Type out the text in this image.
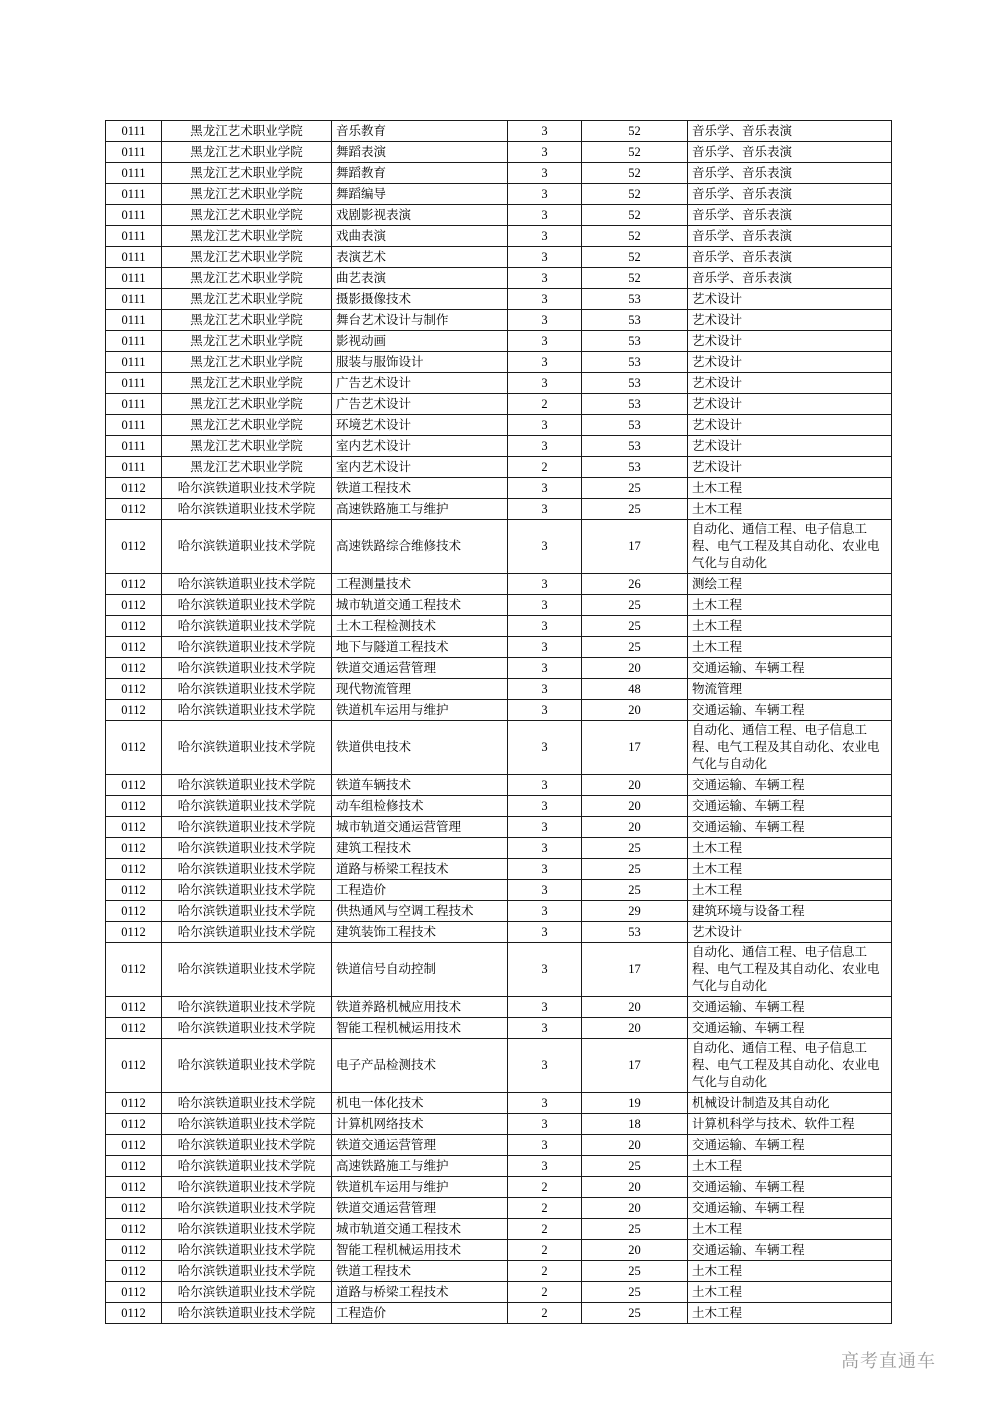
0111	黑龙江艺术职业学院	音乐教育	3	52	音乐学、音乐表演
0111	黑龙江艺术职业学院	舞蹈表演	3	52	音乐学、音乐表演
0111	黑龙江艺术职业学院	舞蹈教育	3	52	音乐学、音乐表演
0111	黑龙江艺术职业学院	舞蹈编导	3	52	音乐学、音乐表演
0111	黑龙江艺术职业学院	戏剧影视表演	3	52	音乐学、音乐表演
0111	黑龙江艺术职业学院	戏曲表演	3	52	音乐学、音乐表演
0111	黑龙江艺术职业学院	表演艺术	3	52	音乐学、音乐表演
0111	黑龙江艺术职业学院	曲艺表演	3	52	音乐学、音乐表演
0111	黑龙江艺术职业学院	摄影摄像技术	3	53	艺术设计
0111	黑龙江艺术职业学院	舞台艺术设计与制作	3	53	艺术设计
0111	黑龙江艺术职业学院	影视动画	3	53	艺术设计
0111	黑龙江艺术职业学院	服装与服饰设计	3	53	艺术设计
0111	黑龙江艺术职业学院	广告艺术设计	3	53	艺术设计
0111	黑龙江艺术职业学院	广告艺术设计	2	53	艺术设计
0111	黑龙江艺术职业学院	环境艺术设计	3	53	艺术设计
0111	黑龙江艺术职业学院	室内艺术设计	3	53	艺术设计
0111	黑龙江艺术职业学院	室内艺术设计	2	53	艺术设计
0112	哈尔滨铁道职业技术学院	铁道工程技术	3	25	土木工程
0112	哈尔滨铁道职业技术学院	高速铁路施工与维护	3	25	土木工程
0112	哈尔滨铁道职业技术学院	高速铁路综合维修技术	3	17	自动化、通信工程、电子信息工程、电气工程及其自动化、农业电气化与自动化
0112	哈尔滨铁道职业技术学院	工程测量技术	3	26	测绘工程
0112	哈尔滨铁道职业技术学院	城市轨道交通工程技术	3	25	土木工程
0112	哈尔滨铁道职业技术学院	土木工程检测技术	3	25	土木工程
0112	哈尔滨铁道职业技术学院	地下与隧道工程技术	3	25	土木工程
0112	哈尔滨铁道职业技术学院	铁道交通运营管理	3	20	交通运输、车辆工程
0112	哈尔滨铁道职业技术学院	现代物流管理	3	48	物流管理
0112	哈尔滨铁道职业技术学院	铁道机车运用与维护	3	20	交通运输、车辆工程
0112	哈尔滨铁道职业技术学院	铁道供电技术	3	17	自动化、通信工程、电子信息工程、电气工程及其自动化、农业电气化与自动化
0112	哈尔滨铁道职业技术学院	铁道车辆技术	3	20	交通运输、车辆工程
0112	哈尔滨铁道职业技术学院	动车组检修技术	3	20	交通运输、车辆工程
0112	哈尔滨铁道职业技术学院	城市轨道交通运营管理	3	20	交通运输、车辆工程
0112	哈尔滨铁道职业技术学院	建筑工程技术	3	25	土木工程
0112	哈尔滨铁道职业技术学院	道路与桥梁工程技术	3	25	土木工程
0112	哈尔滨铁道职业技术学院	工程造价	3	25	土木工程
0112	哈尔滨铁道职业技术学院	供热通风与空调工程技术	3	29	建筑环境与设备工程
0112	哈尔滨铁道职业技术学院	建筑装饰工程技术	3	53	艺术设计
0112	哈尔滨铁道职业技术学院	铁道信号自动控制	3	17	自动化、通信工程、电子信息工程、电气工程及其自动化、农业电气化与自动化
0112	哈尔滨铁道职业技术学院	铁道养路机械应用技术	3	20	交通运输、车辆工程
0112	哈尔滨铁道职业技术学院	智能工程机械运用技术	3	20	交通运输、车辆工程
0112	哈尔滨铁道职业技术学院	电子产品检测技术	3	17	自动化、通信工程、电子信息工程、电气工程及其自动化、农业电气化与自动化
0112	哈尔滨铁道职业技术学院	机电一体化技术	3	19	机械设计制造及其自动化
0112	哈尔滨铁道职业技术学院	计算机网络技术	3	18	计算机科学与技术、软件工程
0112	哈尔滨铁道职业技术学院	铁道交通运营管理	3	20	交通运输、车辆工程
0112	哈尔滨铁道职业技术学院	高速铁路施工与维护	3	25	土木工程
0112	哈尔滨铁道职业技术学院	铁道机车运用与维护	2	20	交通运输、车辆工程
0112	哈尔滨铁道职业技术学院	铁道交通运营管理	2	20	交通运输、车辆工程
0112	哈尔滨铁道职业技术学院	城市轨道交通工程技术	2	25	土木工程
0112	哈尔滨铁道职业技术学院	智能工程机械运用技术	2	20	交通运输、车辆工程
0112	哈尔滨铁道职业技术学院	铁道工程技术	2	25	土木工程
0112	哈尔滨铁道职业技术学院	道路与桥梁工程技术	2	25	土木工程
0112	哈尔滨铁道职业技术学院	工程造价	2	25	土木工程
高考直通车
